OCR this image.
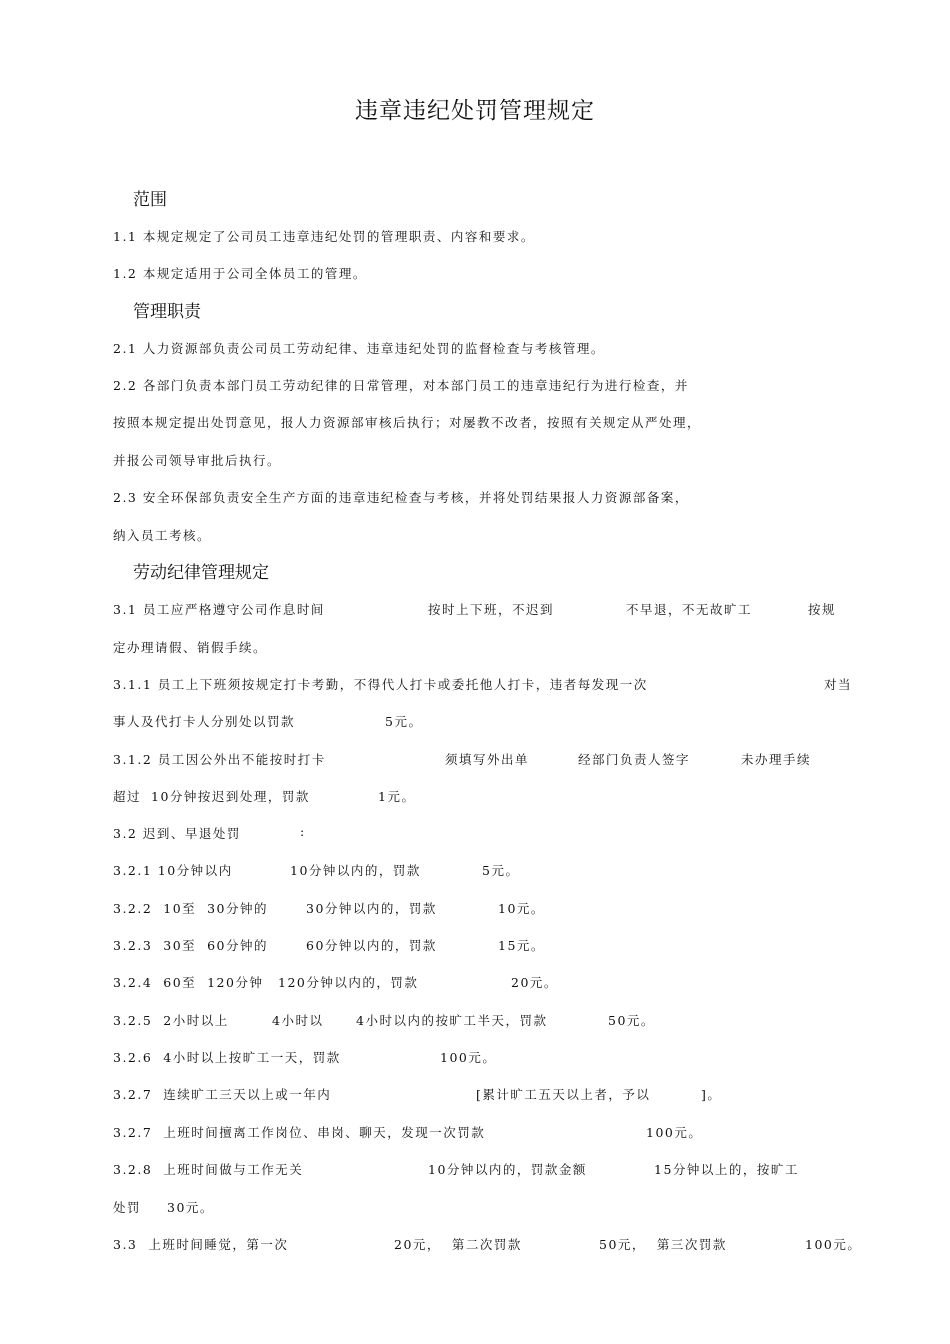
违章违纪处罚管理规定
范围
1.1 本规定规定了公司员工违章违纪处罚的管理职责、内容和要求。
1.2 本规定适用于公司全体员工的管理。
管理职责
2.1 人力资源部负责公司员工劳动纪律、违章违纪处罚的监督检查与考核管理。
2.2 各部门负责本部门员工劳动纪律的日常管理，对本部门员工的违章违纪行为进行检查，并
按照本规定提出处罚意见，报人力资源部审核后执行；对屡教不改者，按照有关规定从严处理，
并报公司领导审批后执行。
2.3 安全环保部负责安全生产方面的违章违纪检查与考核，并将处罚结果报人力资源部备案，
纳入员工考核。
劳动纪律管理规定
3.1 员工应严格遵守公司作息时间	按时上下班，不迟到	不早退，不无故旷工	按规
定办理请假、销假手续。
3.1.1 员工上下班须按规定打卡考勤，不得代人打卡或委托他人打卡，违者每发现一次	对当
事人及代打卡人分别处以罚款	5元。
3.1.2 员工因公外出不能按时打卡	须填写外出单	经部门负责人签字	未办理手续
超过 10分钟按迟到处理，罚款	1元。
3.2 迟到、早退处罚	:
3.2.1 10分钟以内	10分钟以内的，罚款	5元。
3.2.2  10至  30分钟的	30分钟以内的，罚款	10元。
3.2.3  30至  60分钟的	60分钟以内的，罚款	15元。
3.2.4  60至  120分钟 120分钟以内的，罚款	20元。
3.2.5  2小时以上	4小时以	4小时以内的按旷工半天，罚款	50元。
3.2.6  4小时以上按旷工一天，罚款	100元。
3.2.7  连续旷工三天以上或一年内	[累计旷工五天以上者，予以	]。
3.2.7  上班时间擅离工作岗位、串岗、聊天，发现一次罚款	100元。
3.2.8  上班时间做与工作无关	10分钟以内的，罚款金额	15分钟以上的，按旷工
处罚 30元。
3.3  上班时间睡觉，第一次	20元，  第二次罚款	50元，  第三次罚款	100元。
